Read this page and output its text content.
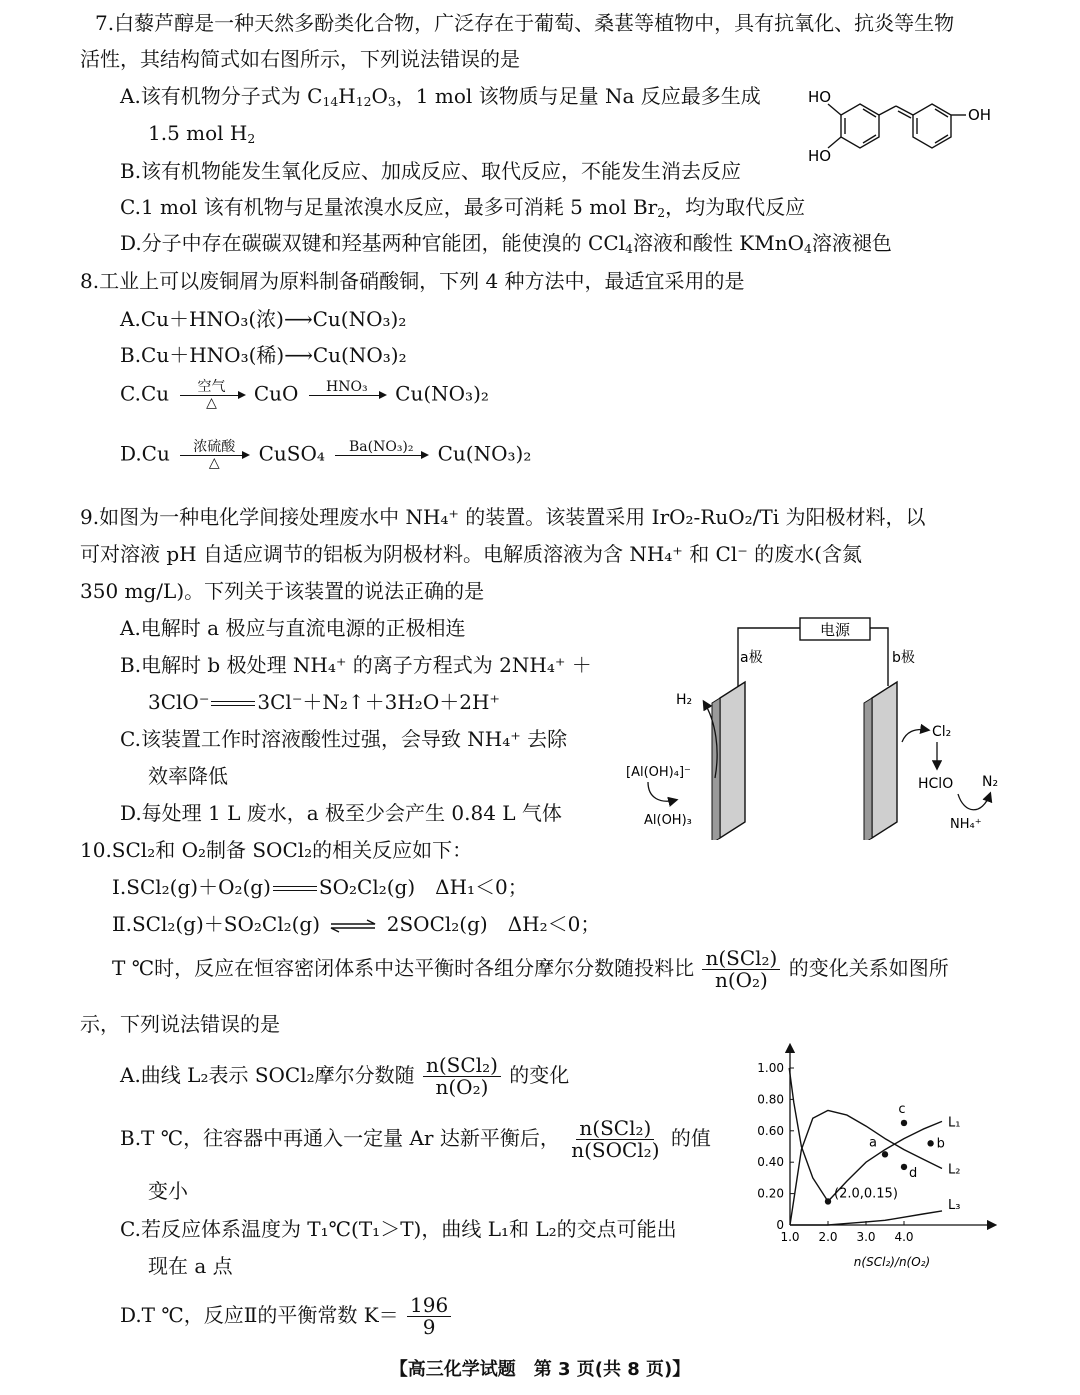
7.白藜芦醇是一种天然多酚类化合物，广泛存在于葡萄、桑葚等植物中，具有抗氧化、抗炎等生物
活性，其结构简式如右图所示，下列说法错误的是
A.该有机物分子式为 $C_{14}H_{12}O_3$，1 mol 该物质与足量 Na 反应最多生成
1.5 mol $H_2$
B.该有机物能发生氧化反应、加成反应、取代反应，不能发生消去反应
C.1 mol 该有机物与足量浓溴水反应，最多可消耗 5 mol $Br_2$，均为取代反应
D.分子中存在碳碳双键和羟基两种官能团，能使溴的 CCl$_4$溶液和酸性 KMnO$_4$溶液褪色
HO
HO
OH
8.工业上可以废铜屑为原料制备硝酸铜，下列 4 种方法中，最适宜采用的是
A.Cu＋HNO₃(浓)⟶Cu(NO₃)₂
B.Cu＋HNO₃(稀)⟶Cu(NO₃)₂
C.Cu 空气
△ CuO HNO₃
Cu(NO₃)₂
D.Cu 浓硫酸
△ CuSO₄ Ba(NO₃)₂
Cu(NO₃)₂
9.如图为一种电化学间接处理废水中 NH₄⁺ 的装置。该装置采用 IrO₂-RuO₂/Ti 为阳极材料，以
可对溶液 pH 自适应调节的铝板为阴极材料。电解质溶液为含 NH₄⁺ 和 Cl⁻ 的废水(含氮
350 mg/L)。下列关于该装置的说法正确的是
A.电解时 a 极应与直流电源的正极相连
B.电解时 b 极处理 NH₄⁺ 的离子方程式为 2NH₄⁺ ＋
3ClO⁻ 3Cl⁻＋N₂↑＋3H₂O＋2H⁺
C.该装置工作时溶液酸性过强，会导致 NH₄⁺ 去除
效率降低
D.每处理 1 L 废水，a 极至少会产生 0.84 L 气体
电源
a极	b极
H₂
[Al(OH)₄]⁻
Al(OH)₃
Cl₂
HClO N₂
NH₄⁺
10.SCl₂和 O₂制备 SOCl₂的相关反应如下：
Ⅰ.SCl₂(g)＋O₂(g) SO₂Cl₂(g)　ΔH₁＜0；
Ⅱ.SCl₂(g)＋SO₂Cl₂(g) ⇌ 2SOCl₂(g)　ΔH₂＜0；
T ℃时，反应在恒容密闭体系中达平衡时各组分摩尔分数随投料比 $\frac{\text{n(SCl₂)}}{\text{n(O₂)}}$ 的变化关系如图所
示，下列说法错误的是
A.曲线 L₂表示 SOCl₂摩尔分数随 $\frac{\text{n(SCl₂)}}{\text{n(O₂)}}$ 的变化
B.T ℃，往容器中再通入一定量 Ar 达新平衡后， $\frac{\text{n(SCl₂)}}{\text{n(SOCl₂)}}$ 的值
变小
C.若反应体系温度为 T₁℃(T₁＞T)，曲线 L₁和 L₂的交点可能出
现在 a 点
D.T ℃，反应Ⅱ的平衡常数 $K= \frac{196}{9}$
0
0.20
0.40
0.60
0.80
1.00
1.0 2.0 3.0 4.0
L₁
L₂
L₃
a	b
c
d
(2.0,0.15)
n(SCl₂)/n(O₂)
【高三化学试题　第 3 页(共 8 页)】
